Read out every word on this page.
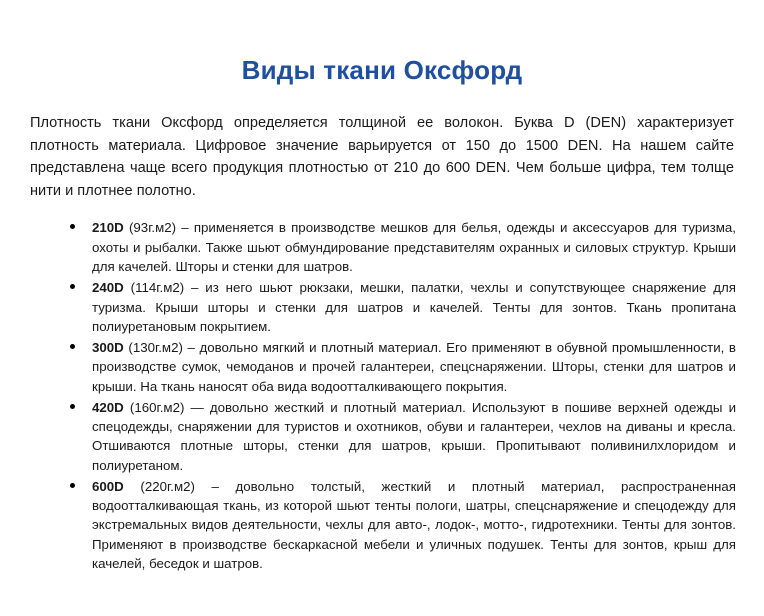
Виды ткани Оксфорд

Плотность ткани Оксфорд определяется толщиной ее волокон. Буква D (DEN) характеризует плотность материала. Цифровое значение варьируется от 150 до 1500 DEN. На нашем сайте представлена чаще всего продукция плотностью от 210 до 600 DEN. Чем больше цифра, тем толще нити и плотнее полотно.

210D (93г.м2) – применяется в производстве мешков для белья, одежды и аксессуаров для туризма, охоты и рыбалки. Также шьют обмундирование представителям охранных и силовых структур. Крыши для качелей. Шторы и стенки для шатров.
240D (114г.м2) – из него шьют рюкзаки, мешки, палатки, чехлы и сопутствующее снаряжение для туризма. Крыши шторы и стенки для шатров и качелей. Тенты для зонтов. Ткань пропитана полиуретановым покрытием.
300D (130г.м2) – довольно мягкий и плотный материал. Его применяют в обувной промышленности, в производстве сумок, чемоданов и прочей галантереи, спецснаряжении. Шторы, стенки для шатров и крыши. На ткань наносят оба вида водоотталкивающего покрытия.
420D (160г.м2) — довольно жесткий и плотный материал. Используют в пошиве верхней одежды и спецодежды, снаряжении для туристов и охотников, обуви и галантереи, чехлов на диваны и кресла. Отшиваются плотные шторы, стенки для шатров, крыши. Пропитывают поливинилхлоридом и полиуретаном.
600D (220г.м2) – довольно толстый, жесткий и плотный материал, распространенная водоотталкивающая ткань, из которой шьют тенты пологи, шатры, спецснаряжение и спецодежду для экстремальных видов деятельности, чехлы для авто-, лодок-, мотто-, гидротехники. Тенты для зонтов. Применяют в производстве бескаркасной мебели и уличных подушек. Тенты для зонтов, крыш для качелей, беседок и шатров.
